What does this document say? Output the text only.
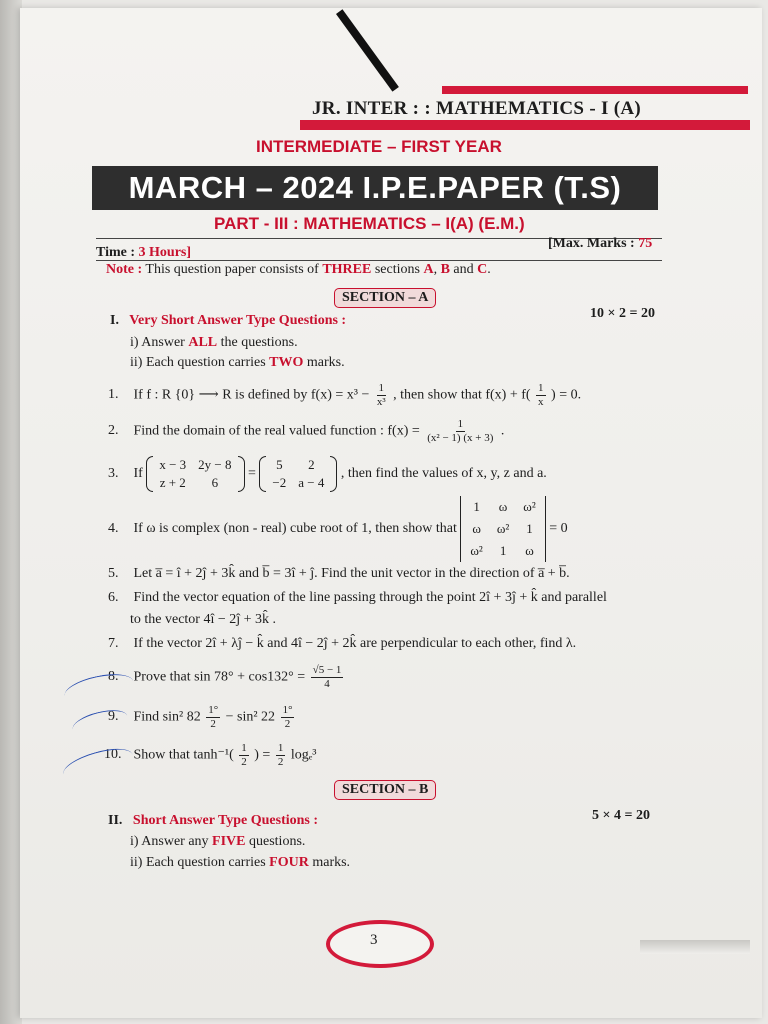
JR. INTER : : MATHEMATICS - I (A)
INTERMEDIATE – FIRST YEAR
MARCH – 2024 I.P.E.PAPER (T.S)
PART - III : MATHEMATICS – I(A) (E.M.)
Time : 3 Hours]
[Max. Marks : 75
Note : This question paper consists of THREE sections A, B and C.
SECTION – A
I. Very Short Answer Type Questions :	10 × 2 = 20
i) Answer ALL the questions.
ii) Each question carries TWO marks.
1. If f : R {0} ⟶ R is defined by $f(x) = x^3 - \frac{1}{\text{x³}}$ , then show that $f(x) + f( \frac{1}{x}$ ) = 0.
2. Find the domain of the real valued function : $f(x) = \frac{1}{\text{(x² − 1) (x + 3)}}$ .
3. If
x − 3	2y − 8
z + 2	6
=
5	2
−2	a − 4
, then find the values of x, y, z and a.
4. If ω is complex (non - real) cube root of 1, then show that
1	ω	ω²
ω	ω²	1
ω²	1	ω
= 0
5. Let a̅ = î + 2ĵ + 3k̂ and b̅ = 3î + ĵ. Find the unit vector in the direction of a̅ + b̅.
6. Find the vector equation of the line passing through the point 2î + 3ĵ + k̂ and parallel
to the vector 4î − 2ĵ + 3k̂ .
7. If the vector 2î + λĵ − k̂ and 4î − 2ĵ + 2k̂ are perpendicular to each other, find λ.
8. Prove that $\sin 78^\circ + \cos 132^\circ = \frac{√5 - 1}{4}$
9. Find sin² $82 \frac{1^\circ}{2} - \sin^2$ $22 \frac{1^\circ}{2}$
10. Show that $\tanh^{-1}( \frac{1}{2}$ ) = $\frac{1}{2} \log_e^3$
SECTION – B
II. Short Answer Type Questions :	5 × 4 = 20
i) Answer any FIVE questions.
ii) Each question carries FOUR marks.
3
